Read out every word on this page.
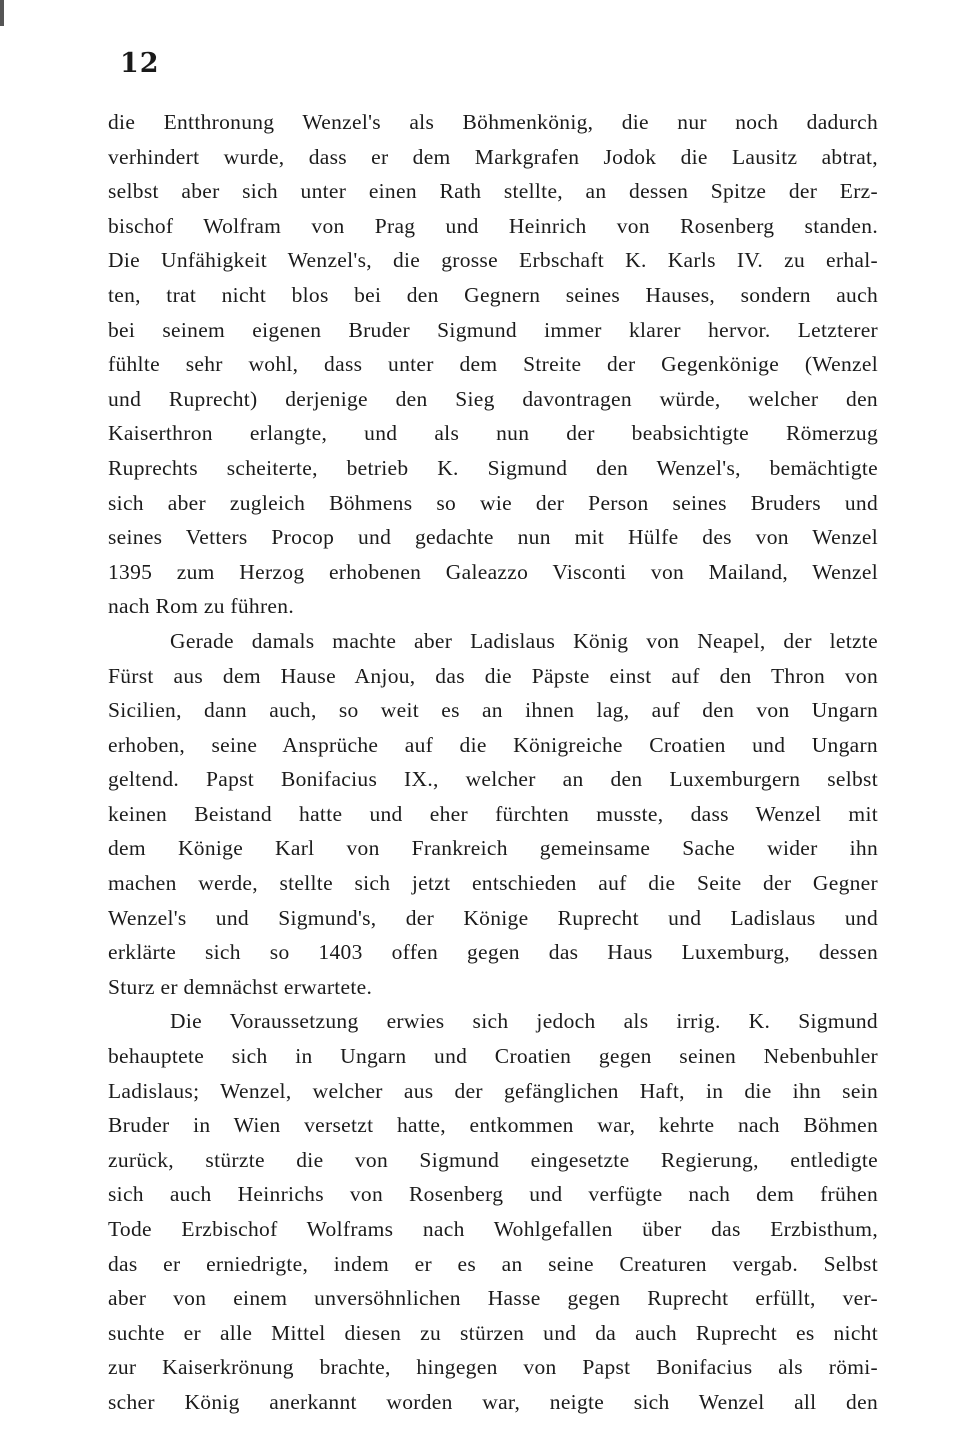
12
die Entthronung Wenzel's als Böhmenkönig, die nur noch dadurch
verhindert wurde, dass er dem Markgrafen Jodok die Lausitz abtrat,
selbst aber sich unter einen Rath stellte, an dessen Spitze der Erz-
bischof Wolfram von Prag und Heinrich von Rosenberg standen.
Die Unfähigkeit Wenzel's, die grosse Erbschaft K. Karls IV. zu erhal-
ten, trat nicht blos bei den Gegnern seines Hauses, sondern auch
bei seinem eigenen Bruder Sigmund immer klarer hervor. Letzterer
fühlte sehr wohl, dass unter dem Streite der Gegenkönige (Wenzel
und Ruprecht) derjenige den Sieg davontragen würde, welcher den
Kaiserthron erlangte, und als nun der beabsichtigte Römerzug
Ruprechts scheiterte, betrieb K. Sigmund den Wenzel's, bemächtigte
sich aber zugleich Böhmens so wie der Person seines Bruders und
seines Vetters Procop und gedachte nun mit Hülfe des von Wenzel
1395 zum Herzog erhobenen Galeazzo Visconti von Mailand, Wenzel
nach Rom zu führen.
Gerade damals machte aber Ladislaus König von Neapel, der letzte
Fürst aus dem Hause Anjou, das die Päpste einst auf den Thron von
Sicilien, dann auch, so weit es an ihnen lag, auf den von Ungarn
erhoben, seine Ansprüche auf die Königreiche Croatien und Ungarn
geltend. Papst Bonifacius IX., welcher an den Luxemburgern selbst
keinen Beistand hatte und eher fürchten musste, dass Wenzel mit
dem Könige Karl von Frankreich gemeinsame Sache wider ihn
machen werde, stellte sich jetzt entschieden auf die Seite der Gegner
Wenzel's und Sigmund's, der Könige Ruprecht und Ladislaus und
erklärte sich so 1403 offen gegen das Haus Luxemburg, dessen
Sturz er demnächst erwartete.
Die Voraussetzung erwies sich jedoch als irrig. K. Sigmund
behauptete sich in Ungarn und Croatien gegen seinen Nebenbuhler
Ladislaus; Wenzel, welcher aus der gefänglichen Haft, in die ihn sein
Bruder in Wien versetzt hatte, entkommen war, kehrte nach Böhmen
zurück, stürzte die von Sigmund eingesetzte Regierung, entledigte
sich auch Heinrichs von Rosenberg und verfügte nach dem frühen
Tode Erzbischof Wolframs nach Wohlgefallen über das Erzbisthum,
das er erniedrigte, indem er es an seine Creaturen vergab. Selbst
aber von einem unversöhnlichen Hasse gegen Ruprecht erfüllt, ver-
suchte er alle Mittel diesen zu stürzen und da auch Ruprecht es nicht
zur Kaiserkrönung brachte, hingegen von Papst Bonifacius als römi-
scher König anerkannt worden war, neigte sich Wenzel all den
